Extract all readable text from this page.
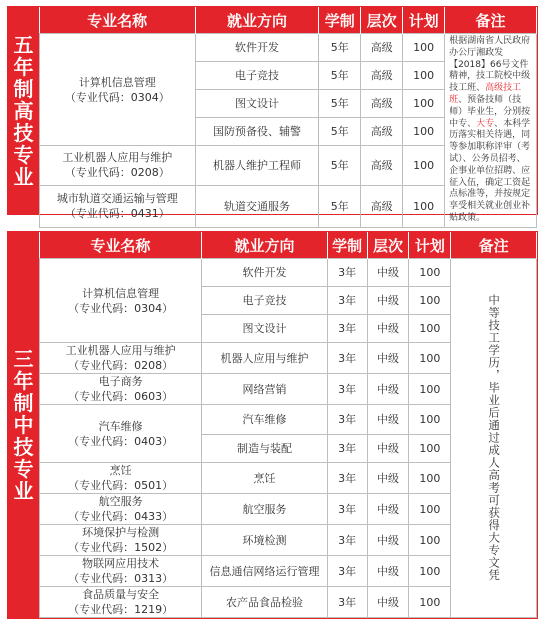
五年制高技专业
专业名称	就业方向	学制	层次	计划	备注

计算机信息管理
（专业代码：0304）	软件开发	5年	高级	100	根据湖南省人民政府办公厅湘政发【2018】66号文件精神，技工院校中级技工班、高级技工班、预备技师（技师）毕业生，分别按中专、大专、本科学历落实相关待遇，同等参加职称评审（考试）、公务员招考、企事业单位招聘、应征入伍，确定工资起点标准等，并按规定享受相关就业创业补贴政策。
	电子竞技	5年	高级	100	
	图文设计	5年	高级	100	
	国防预备役、辅警	5年	高级	100	

工业机器人应用与维护
（专业代码：0208）	机器人维护工程师	5年	高级	100	

城市轨道交通运输与管理
（专业代码：0431）	轨道交通服务	5年	高级	100	
三年制中技专业
专业名称	就业方向	学制	层次	计划	备注

计算机信息管理
（专业代码：0304）	软件开发	3年	中级	100	中等技工学历，毕业后通过成人高考可获得大专文凭

	电子竞技	3年	中级	100	
	图文设计	3年	中级	100	

工业机器人应用与维护
（专业代码：0208）	机器人应用与维护	3年	中级	100	

电子商务
（专业代码：0603）	网络营销	3年	中级	100	

汽车维修
（专业代码：0403）	汽车维修	3年	中级	100	
	制造与装配	3年	中级	100	

烹饪
（专业代码：0501）	烹饪	3年	中级	100	

航空服务
（专业代码：0433）	航空服务	3年	中级	100	

环境保护与检测
（专业代码：1502）	环境检测	3年	中级	100	

物联网应用技术
（专业代码：0313）	信息通信网络运行管理	3年	中级	100	

食品质量与安全
（专业代码：1219）	农产品食品检验	3年	中级	100	
